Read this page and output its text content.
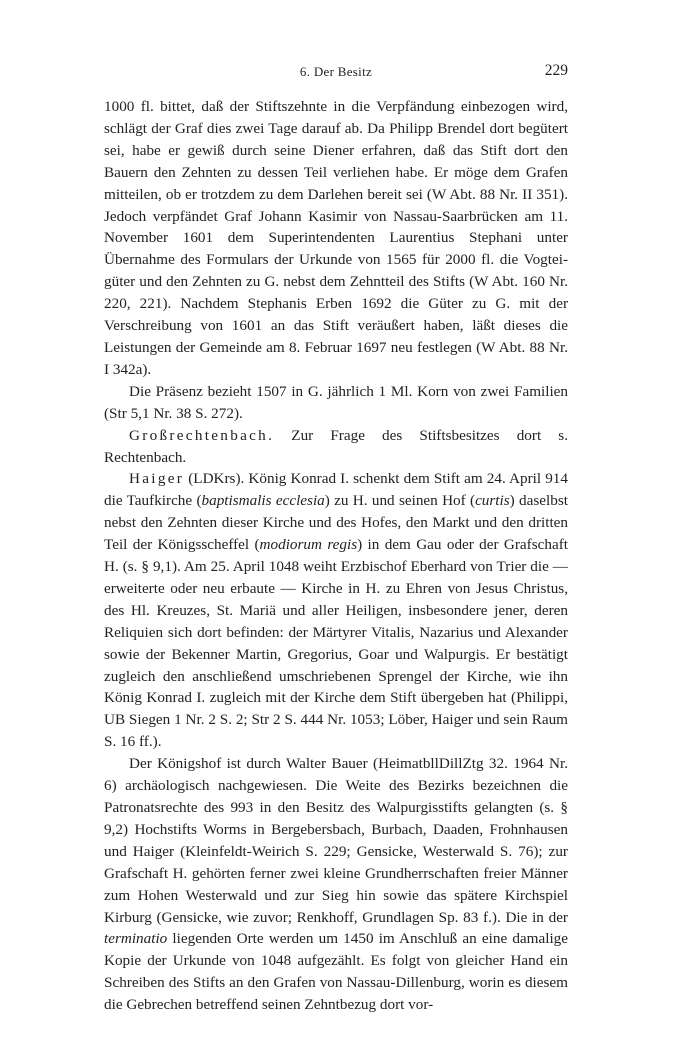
6. Der Besitz	229

1000 fl. bittet, daß der Stiftszehnte in die Verpfändung einbezogen wird, schlägt der Graf dies zwei Tage darauf ab. Da Philipp Brendel dort begütert sei, habe er gewiß durch seine Diener erfahren, daß das Stift dort den Bauern den Zehnten zu dessen Teil verliehen habe. Er möge dem Grafen mitteilen, ob er trotzdem zu dem Darlehen bereit sei (W Abt. 88 Nr. II 351). Jedoch verpfändet Graf Johann Kasimir von Nassau-Saarbrücken am 11. November 1601 dem Superintendenten Laurentius Stephani unter Übernahme des Formulars der Urkunde von 1565 für 2000 fl. die Vogteigüter und den Zehnten zu G. nebst dem Zehntteil des Stifts (W Abt. 160 Nr. 220, 221). Nachdem Stephanis Erben 1692 die Güter zu G. mit der Verschreibung von 1601 an das Stift veräußert haben, läßt dieses die Leistungen der Gemeinde am 8. Februar 1697 neu festlegen (W Abt. 88 Nr. I 342a).

Die Präsenz bezieht 1507 in G. jährlich 1 Ml. Korn von zwei Familien (Str 5,1 Nr. 38 S. 272).

Großrechtenbach. Zur Frage des Stiftsbesitzes dort s. Rechtenbach.

Haiger (LDKrs). König Konrad I. schenkt dem Stift am 24. April 914 die Taufkirche (baptismalis ecclesia) zu H. und seinen Hof (curtis) daselbst nebst den Zehnten dieser Kirche und des Hofes, den Markt und den dritten Teil der Königsscheffel (modiorum regis) in dem Gau oder der Grafschaft H. (s. § 9,1). Am 25. April 1048 weiht Erzbischof Eberhard von Trier die — erweiterte oder neu erbaute — Kirche in H. zu Ehren von Jesus Christus, des Hl. Kreuzes, St. Mariä und aller Heiligen, insbesondere jener, deren Reliquien sich dort befinden: der Märtyrer Vitalis, Nazarius und Alexander sowie der Bekenner Martin, Gregorius, Goar und Walpurgis. Er bestätigt zugleich den anschließend umschriebenen Sprengel der Kirche, wie ihn König Konrad I. zugleich mit der Kirche dem Stift übergeben hat (Philippi, UB Siegen 1 Nr. 2 S. 2; Str 2 S. 444 Nr. 1053; Löber, Haiger und sein Raum S. 16 ff.).

Der Königshof ist durch Walter Bauer (HeimatbllDillZtg 32. 1964 Nr. 6) archäologisch nachgewiesen. Die Weite des Bezirks bezeichnen die Patronatsrechte des 993 in den Besitz des Walpurgisstifts gelangten (s. § 9,2) Hochstifts Worms in Bergebersbach, Burbach, Daaden, Frohnhausen und Haiger (Kleinfeldt-Weirich S. 229; Gensicke, Westerwald S. 76); zur Grafschaft H. gehörten ferner zwei kleine Grundherrschaften freier Männer zum Hohen Westerwald und zur Sieg hin sowie das spätere Kirchspiel Kirburg (Gensicke, wie zuvor; Renkhoff, Grundlagen Sp. 83 f.). Die in der terminatio liegenden Orte werden um 1450 im Anschluß an eine damalige Kopie der Urkunde von 1048 aufgezählt. Es folgt von gleicher Hand ein Schreiben des Stifts an den Grafen von Nassau-Dillenburg, worin es diesem die Gebrechen betreffend seinen Zehntbezug dort vor-
